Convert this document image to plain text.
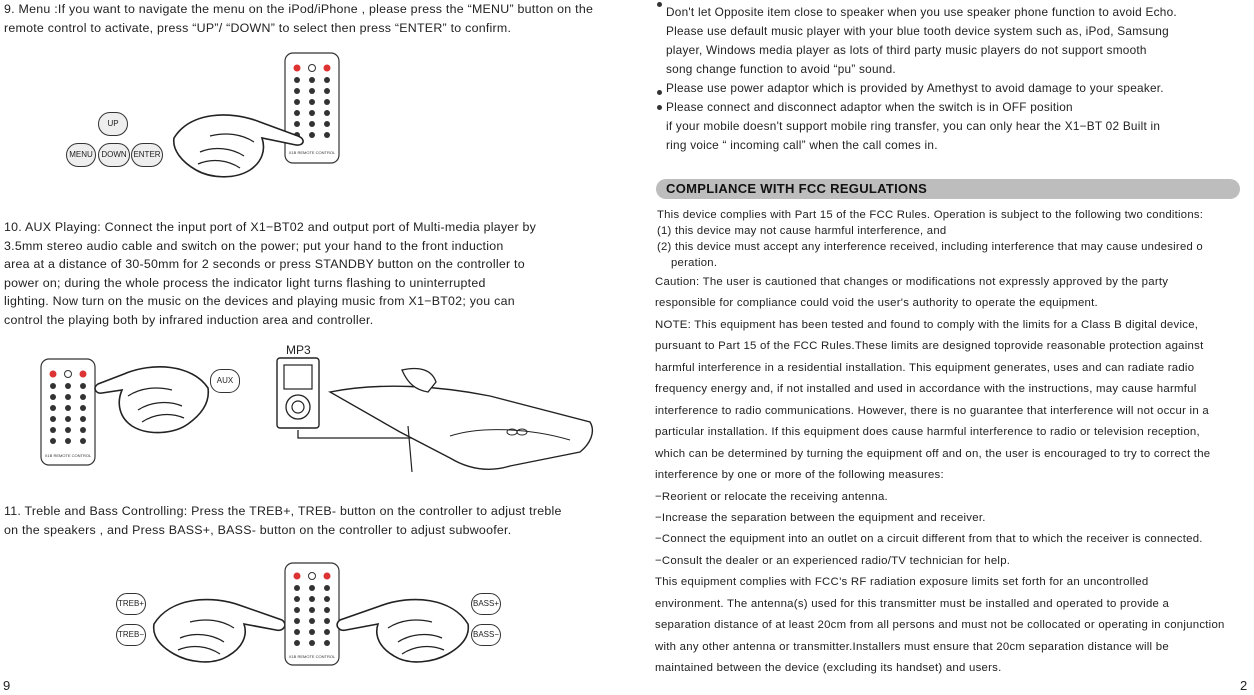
9. Menu :If you want to navigate the menu on the iPod/iPhone , please press the “MENU” button on the
remote control to activate, press “UP”/ “DOWN” to select then press “ENTER” to confirm.
UP
MENU	DOWN ENTER	X1B REMOTE CONTROL
10. AUX Playing: Connect the input port of X1−BT02 and output port of Multi-media player by
3.5mm stereo audio cable and switch on the power; put your hand to the front induction
area at a distance of 30-50mm for 2 seconds or press STANDBY button on the controller to
power on; during the whole process the indicator light turns flashing to uninterrupted
lighting. Now turn on the music on the devices and playing music from X1−BT02; you can
control the playing both by infrared induction area and controller.
X1B REMOTE CONTROL
AUX
MP3
11. Treble and Bass Controlling: Press the TREB+, TREB- button on the controller to adjust treble
on the speakers , and Press BASS+, BASS- button on the controller to adjust subwoofer.
TREB+
TREB−
BASS+
BASS−
X1B REMOTE CONTROL
9
Don't let Opposite item close to speaker when you use speaker phone function to avoid Echo.
Please use default music player with your blue tooth device system such as, iPod, Samsung
player, Windows media player as lots of third party music players do not support smooth
song change function to avoid “pu” sound.
Please use power adaptor which is provided by Amethyst to avoid damage to your speaker.
Please connect and disconnect adaptor when the switch is in OFF position
if your mobile doesn't support mobile ring transfer, you can only hear the X1−BT 02 Built in
ring voice “ incoming call” when the call comes in.
COMPLIANCE WITH FCC REGULATIONS
This device complies with Part 15 of the FCC Rules. Operation is subject to the following two conditions:
(1) this device may not cause harmful interference, and
(2) this device must accept any interference received, including interference that may cause undesired o
peration.
Caution: The user is cautioned that changes or modifications not expressly approved by the party
responsible for compliance could void the user's authority to operate the equipment.
NOTE: This equipment has been tested and found to comply with the limits for a Class B digital device,
pursuant to Part 15 of the FCC Rules.These limits are designed toprovide reasonable protection against
harmful interference in a residential installation. This equipment generates, uses and can radiate radio
frequency energy and, if not installed and used in accordance with the instructions, may cause harmful
interference to radio communications. However, there is no guarantee that interference will not occur in a
particular installation. If this equipment does cause harmful interference to radio or television reception,
which can be determined by turning the equipment off and on, the user is encouraged to try to correct the
interference by one or more of the following measures:
−Reorient or relocate the receiving antenna.
−Increase the separation between the equipment and receiver.
−Connect the equipment into an outlet on a circuit different from that to which the receiver is connected.
−Consult the dealer or an experienced radio/TV technician for help.
This equipment complies with FCC’s RF radiation exposure limits set forth for an uncontrolled
environment. The antenna(s) used for this transmitter must be installed and operated to provide a
separation distance of at least 20cm from all persons and must not be collocated or operating in conjunction
with any other antenna or transmitter.Installers must ensure that 20cm separation distance will be
maintained between the device (excluding its handset) and users.
2
